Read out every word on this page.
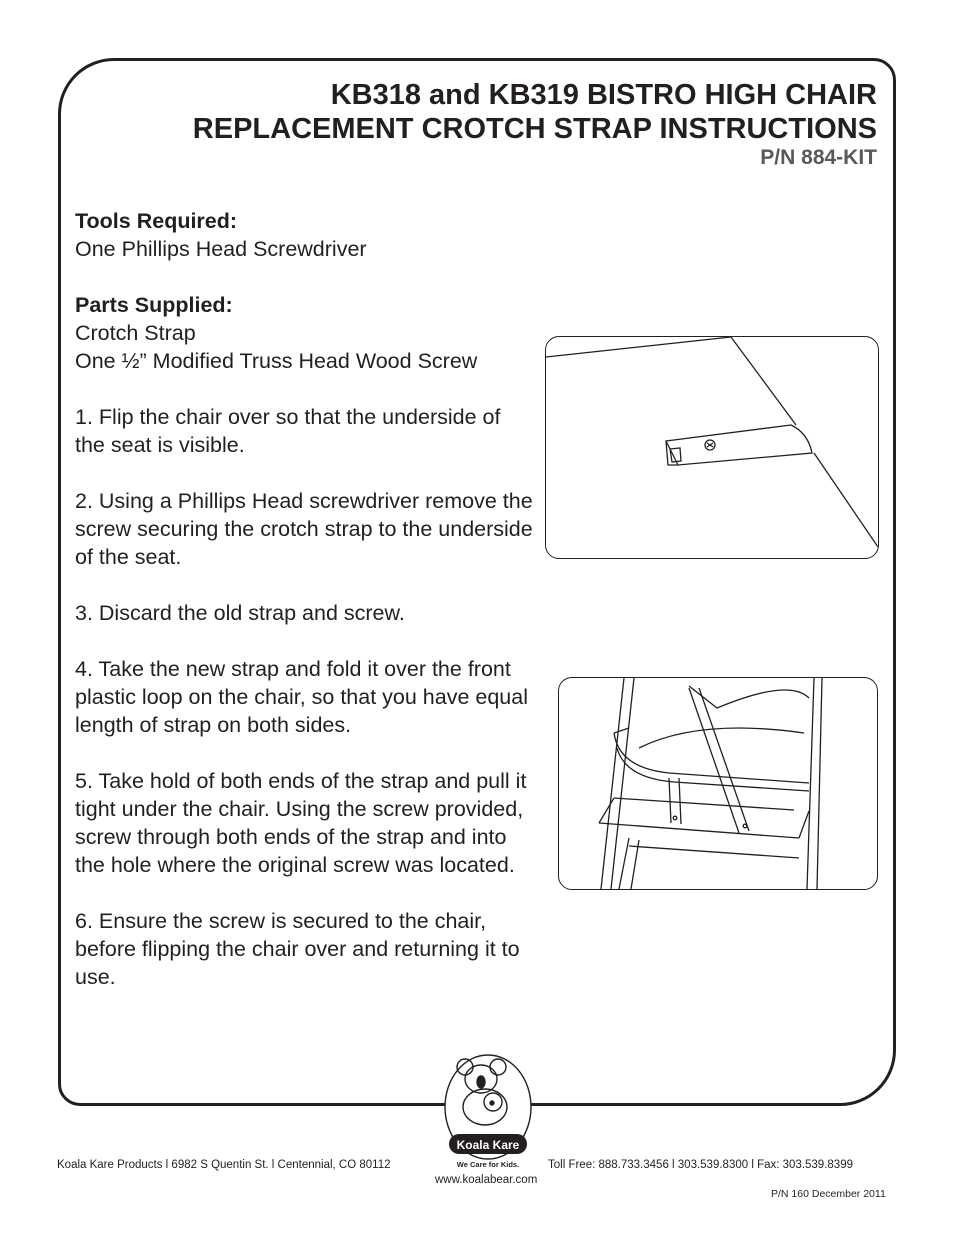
KB318 and KB319 BISTRO HIGH CHAIR
REPLACEMENT CROTCH STRAP INSTRUCTIONS
P/N 884-KIT
Tools Required:

One Phillips Head Screwdriver

Parts Supplied:

Crotch Strap

One ½” Modified Truss Head Wood Screw

1. Flip the chair over so that the underside of the seat is visible.

2. Using a Phillips Head screwdriver remove the screw securing the crotch strap to the underside of the seat.

3. Discard the old strap and screw.

4. Take the new strap and fold it over the front plastic loop on the chair, so that you have equal length of strap on both sides.

5. Take hold of both ends of the strap and pull it tight under the chair. Using the screw provided, screw through both ends of the strap and into the hole where the original screw was located.

6. Ensure the screw is secured to the chair, before flipping the chair over and returning it to use.

Koala Kare
We Care for Kids.
Koala Kare Products l 6982 S Quentin St. l Centennial, CO 80112	Toll Free: 888.733.3456 l 303.539.8300 l Fax: 303.539.8399
www.koalabear.com
P/N 160 December 2011
